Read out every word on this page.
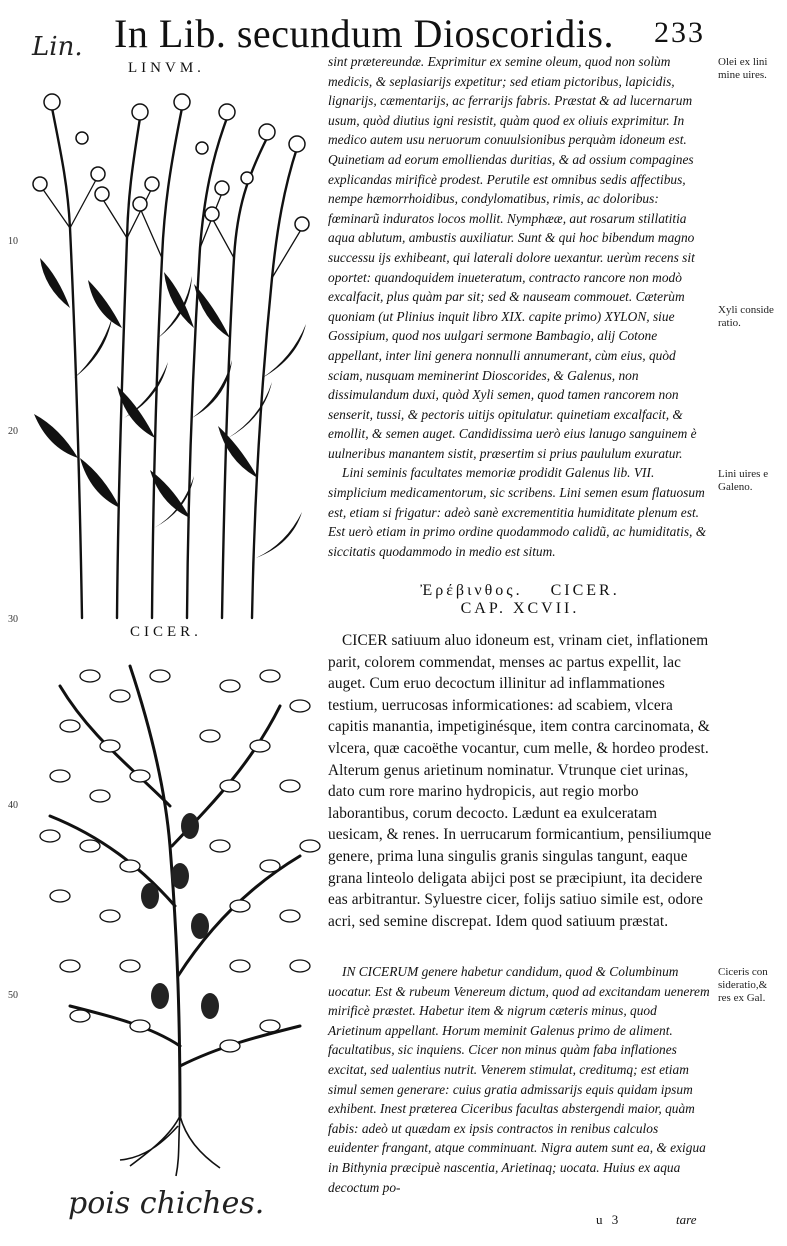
Lin. In Lib. secundum Dioscoridis. 233
LINVM.
CICER.
pois chiches.
10
20
30
40
50
Olei ex lini
mine uires.
Xyli conside
ratio.
Lini uires e
Galeno.
Ciceris con
sideratio,&
res ex Gal.

sint prætereundæ. Exprimitur ex semine oleum, quod non solùm medicis, & seplasiarijs expetitur; sed etiam pictoribus, lapicidis, lignarijs, cæmentarijs, ac ferrarijs fabris. Præstat & ad lucernarum usum, quòd diutius igni resistit, quàm quod ex oliuis exprimitur. In medico autem usu neruorum conuulsionibus perquàm idoneum est. Quinetiam ad eorum emolliendas duritias, & ad ossium compagines explicandas mirificè prodest. Perutile est omnibus sedis affectibus, nempe hæmorrhoidibus, condylomatibus, rimis, ac doloribus: fœminarũ induratos locos mollit. Nymphææ, aut rosarum stillatitia aqua ablutum, ambustis auxiliatur. Sunt & qui hoc bibendum magno successu ijs exhibeant, qui laterali dolore uexantur. uerùm recens sit oportet: quandoquidem inueteratum, contracto rancore non modò excalfacit, plus quàm par sit; sed & nauseam commouet. Cæterùm quoniam (ut Plinius inquit libro XIX. capite primo) XYLON, siue Gossipium, quod nos uulgari sermone Bambagio, alij Cotone appellant, inter lini genera nonnulli annumerant, cùm eius, quòd sciam, nusquam meminerint Dioscorides, & Galenus, non dissimulandum duxi, quòd Xyli semen, quod tamen rancorem non senserit, tussi, & pectoris uitijs opitulatur. quinetiam excalfacit, & emollit, & semen auget. Candidissima uerò eius lanugo sanguinem è uulneribus manantem sistit, præsertim si prius paululum exuratur.

Lini seminis facultates memoriæ prodidit Galenus lib. VII. simplicium medicamentorum, sic scribens. Lini semen esum flatuosum est, etiam si frigatur: adeò sanè excrementitia humiditate plenum est. Est uerò etiam in primo ordine quodammodo calidũ, ac humiditatis, & siccitatis quodammodo in medio est situm.

Ἐρέβινθος. CICER.
CAP. XCVII.

CICER satiuum aluo idoneum est, vrinam ciet, inflationem parit, colorem commendat, menses ac partus expellit, lac auget. Cum eruo decoctum illinitur ad inflammationes testium, uerrucosas informicationes: ad scabiem, vlcera capitis manantia, impetiginésque, item contra carcinomata, & vlcera, quæ cacoëthe vocantur, cum melle, & hordeo prodest. Alterum genus arietinum nominatur. Vtrunque ciet urinas, dato cum rore marino hydropicis, aut regio morbo laborantibus, corum decocto. Lædunt ea exulceratam uesicam, & renes. In uerrucarum formicantium, pensiliumque genere, prima luna singulis granis singulas tangunt, eaque grana linteolo deligata abijci post se præcipiunt, ita decidere eas arbitrantur. Syluestre cicer, folijs satiuo simile est, odore acri, sed semine discrepat. Idem quod satiuum præstat.

IN CICERUM genere habetur candidum, quod & Columbinum uocatur. Est & rubeum Venereum dictum, quod ad excitandam uenerem mirificè præstet. Habetur item & nigrum cæteris minus, quod Arietinum appellant. Horum meminit Galenus primo de aliment. facultatibus, sic inquiens. Cicer non minus quàm faba inflationes excitat, sed ualentius nutrit. Venerem stimulat, creditumq; est etiam simul semen generare: cuius gratia admissarijs equis quidam ipsum exhibent. Inest præterea Ciceribus facultas abstergendi maior, quàm fabis: adeò ut quædam ex ipsis contractos in renibus calculos euidenter frangant, atque comminuant. Nigra autem sunt ea, & exigua in Bithynia præcipuè nascentia, Arietinaq; uocata. Huius ex aqua decoctum po-

u 3	tare
